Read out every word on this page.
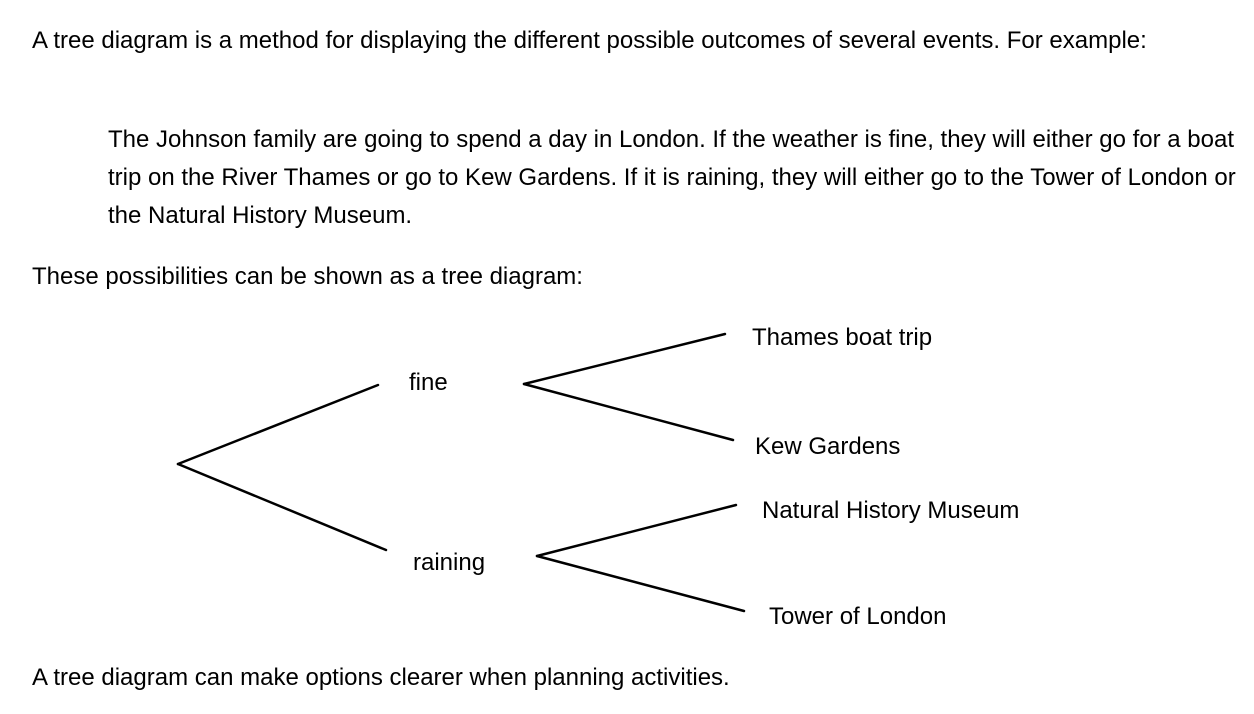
A tree diagram is a method for displaying the different possible outcomes of several events. For example:

The Johnson family are going to spend a day in London. If the weather is fine, they will either go for a boat trip on the River Thames or go to Kew Gardens. If it is raining, they will either go to the Tower of London or the Natural History Museum.

These possibilities can be shown as a tree diagram:

fine
raining
Thames boat trip
Kew Gardens
Natural History Museum
Tower of London

A tree diagram can make options clearer when planning activities.
